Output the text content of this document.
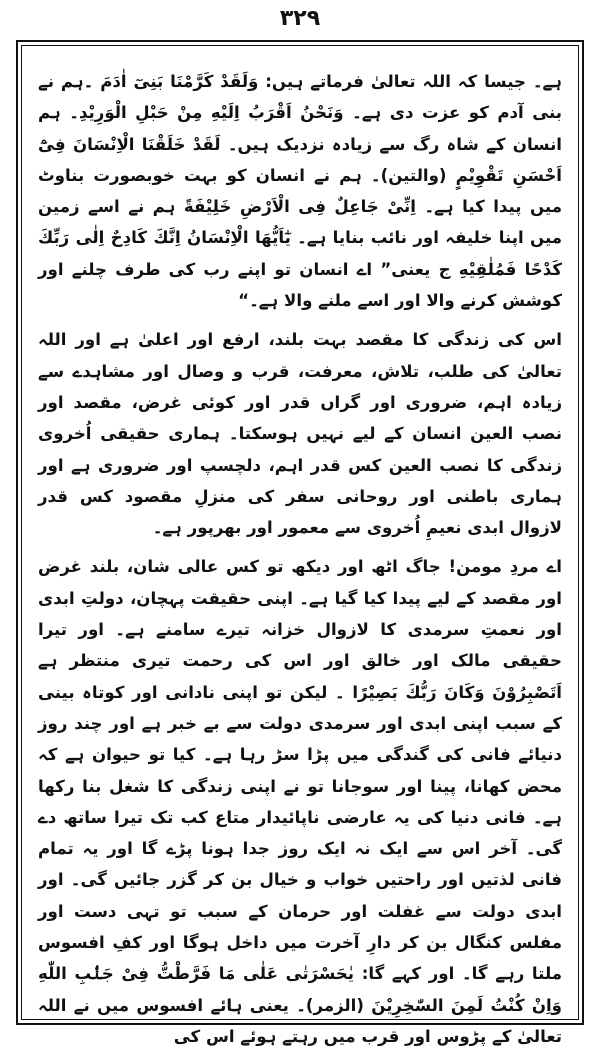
۳۲۹

ہے۔ جیسا کہ اللہ تعالیٰ فرماتے ہیں: وَلَقَدْ كَرَّمْنَا بَنِىٓ اٰدَمَ ۔ہم نے بنی آدم کو عزت دی ہے۔ وَنَحْنُ اَقْرَبُ اِلَيْهِ مِنْ حَبْلِ الْوَرِيْدِ۔ ہم انسان کے شاہ رگ سے زیادہ نزدیک ہیں۔ لَقَدْ خَلَقْنَا الْاِنْسَانَ فِىْٓ اَحْسَنِ تَقْوِيْمٍ (والتین)۔ ہم نے انسان کو بہت خوبصورت بناوٹ میں پیدا کیا ہے۔ اِنِّىْ جَاعِلٌ فِى الْاَرْضِ خَلِيْفَةً ہم نے اسے زمین میں اپنا خلیفہ اور نائب بنایا ہے۔ يٰٓاَيُّهَا الْاِنْسَانُ اِنَّكَ كَادِحٌ اِلٰى رَبِّكَ كَدْحًا فَمُلٰقِيْهِ ج یعنی” اے انسان تو اپنے رب کی طرف چلنے اور کوشش کرنے والا اور اسے ملنے والا ہے۔“

اس کی زندگی کا مقصد بہت بلند، ارفع اور اعلیٰ ہے اور اللہ تعالیٰ کی طلب، تلاش، معرفت، قرب و وصال اور مشاہدے سے زیادہ اہم، ضروری اور گراں قدر اور کوئی غرض، مقصد اور نصب العین انسان کے لیے نہیں ہوسکتا۔ ہماری حقیقی اُخروی زندگی کا نصب العین کس قدر اہم، دلچسپ اور ضروری ہے اور ہماری باطنی اور روحانی سفر کی منزلِ مقصود کس قدر لازوال ابدی نعیمِ اُخروی سے معمور اور بھرپور ہے۔

اے مردِ مومن! جاگ اٹھ اور دیکھ تو کس عالی شان، بلند غرض اور مقصد کے لیے پیدا کیا گیا ہے۔ اپنی حقیقت پہچان، دولتِ ابدی اور نعمتِ سرمدی کا لازوال خزانہ تیرے سامنے ہے۔ اور تیرا حقیقی مالک اور خالق اور اس کی رحمت تیری منتظر ہے اَتَصْبِرُوْنَ وَكَانَ رَبُّكَ بَصِيْرًا ۔ لیکن تو اپنی نادانی اور کوتاہ بینی کے سبب اپنی ابدی اور سرمدی دولت سے بے خبر ہے اور چند روز دنیائے فانی کی گندگی میں پڑا سڑ رہا ہے۔ کیا تو حیوان ہے کہ محض کھانا، پینا اور سوجانا تو نے اپنی زندگی کا شغل بنا رکھا ہے۔ فانی دنیا کی یہ عارضی ناپائیدار متاع کب تک تیرا ساتھ دے گی۔ آخر اس سے ایک نہ ایک روز جدا ہونا پڑے گا اور یہ تمام فانی لذتیں اور راحتیں خواب و خیال بن کر گزر جائیں گی۔ اور ابدی دولت سے غفلت اور حرمان کے سبب تو تہی دست اور مفلس کنگال بن کر دارِ آخرت میں داخل ہوگا اور کفِ افسوس ملتا رہے گا۔ اور کہے گا: يٰحَسْرَتٰى عَلٰى مَا فَرَّطْتُّ فِىْ جَنْۢبِ اللّٰهِ وَاِنْ كُنْتُ لَمِنَ السّٰخِرِيْنَ (الزمر)۔ یعنی ہائے افسوس میں نے اللہ تعالیٰ کے پڑوس اور قرب میں رہتے ہوئے اس کی
